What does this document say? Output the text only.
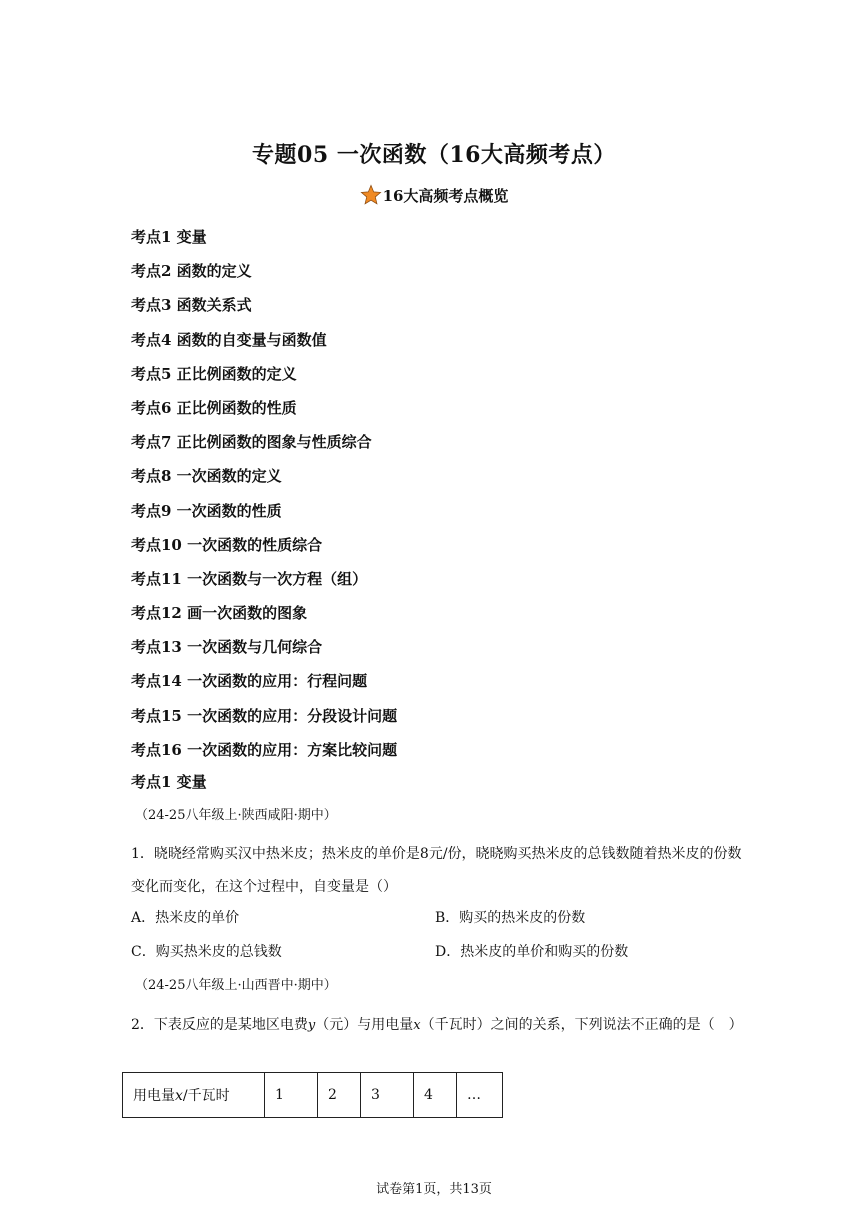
专题05 一次函数（16大高频考点）
16大高频考点概览
考点1 变量
考点2 函数的定义
考点3 函数关系式
考点4 函数的自变量与函数值
考点5 正比例函数的定义
考点6 正比例函数的性质
考点7 正比例函数的图象与性质综合
考点8 一次函数的定义
考点9 一次函数的性质
考点10 一次函数的性质综合
考点11 一次函数与一次方程（组）
考点12 画一次函数的图象
考点13 一次函数与几何综合
考点14 一次函数的应用：行程问题
考点15 一次函数的应用：分段设计问题
考点16 一次函数的应用：方案比较问题
考点1 变量
（24-25八年级上·陕西咸阳·期中）
1．晓晓经常购买汉中热米皮；热米皮的单价是8元/份，晓晓购买热米皮的总钱数随着热米皮的份数变化而变化，在这个过程中，自变量是（）
A．热米皮的单价	B．购买的热米皮的份数
C．购买热米皮的总钱数	D．热米皮的单价和购买的份数
（24-25八年级上·山西晋中·期中）
2．下表反应的是某地区电费y（元）与用电量x（千瓦时）之间的关系，下列说法不正确的是（　）
用电量x/千瓦时	1	2	3	4	…
试卷第1页，共13页
